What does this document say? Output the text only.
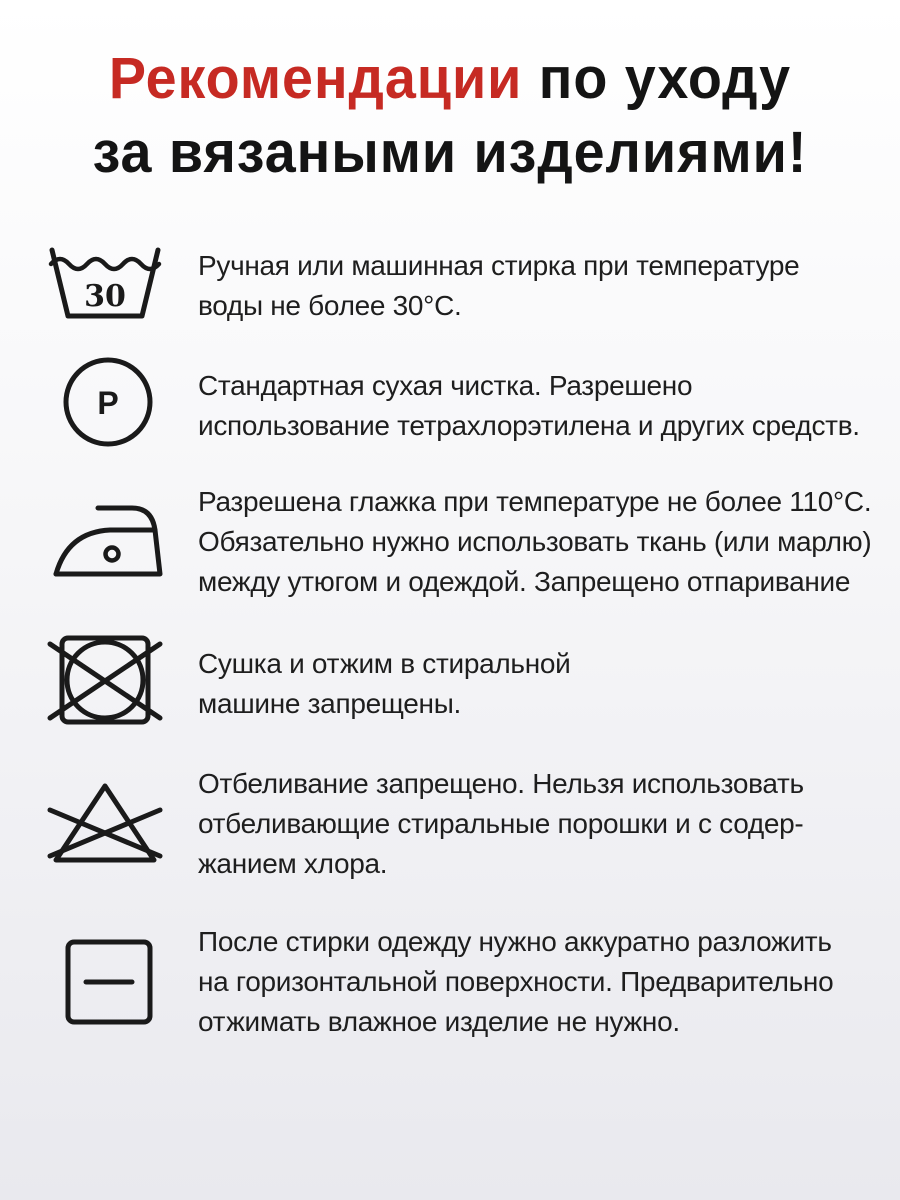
Рекомендации по уходу
за вязаными изделиями!
30
Ручная или машинная стирка при температуре
воды не более 30°С.
P	Стандартная сухая чистка. Разрешено
использование тетрахлорэтилена и других средств.
Разрешена глажка при температуре не более 110°С.
Обязательно нужно использовать ткань (или марлю)
между утюгом и одеждой. Запрещено отпаривание
Сушка и отжим в стиральной
машине запрещены.
Отбеливание запрещено. Нельзя использовать
отбеливающие стиральные порошки и с содер-
жанием хлора.
После стирки одежду нужно аккуратно разложить
на горизонтальной поверхности. Предварительно
отжимать влажное изделие не нужно.
